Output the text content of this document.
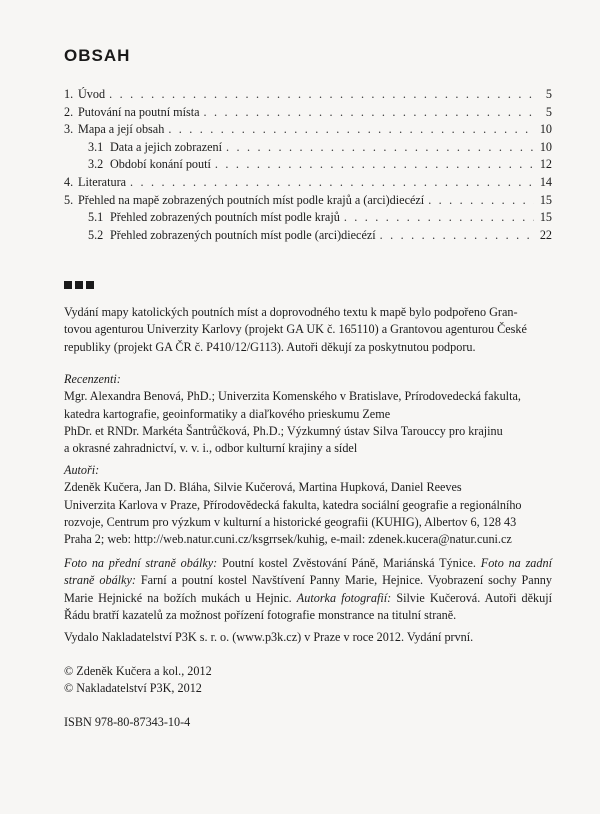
OBSAH
1. Úvod . . .	5
2. Putování na poutní místa . . .	5
3. Mapa a její obsah . . .	10
3.1 Data a jejich zobrazení . . .	10
3.2 Období konání poutí . . .	12
4. Literatura . . .	14
5. Přehled na mapě zobrazených poutních míst podle krajů a (arci)diecézí . . .	15
5.1 Přehled zobrazených poutních míst podle krajů . . .	15
5.2 Přehled zobrazených poutních míst podle (arci)diecézí . . .	22

Vydání mapy katolických poutních míst a doprovodného textu k mapě bylo podpořeno Gran-

tovou agenturou Univerzity Karlovy (projekt GA UK č. 165110) a Grantovou agenturou České

republiky (projekt GA ČR č. P410/12/G113). Autoři děkují za poskytnutou podporu.

Recenzenti:

Mgr. Alexandra Benová, PhD.; Univerzita Komenského v Bratislave, Prírodovedecká fakulta,

katedra kartografie, geoinformatiky a diaľkového prieskumu Zeme

PhDr. et RNDr. Markéta Šantrůčková, Ph.D.; Výzkumný ústav Silva Tarouccy pro krajinu

a okrasné zahradnictví, v. v. i., odbor kulturní krajiny a sídel

Autoři:

Zdeněk Kučera, Jan D. Bláha, Silvie Kučerová, Martina Hupková, Daniel Reeves

Univerzita Karlova v Praze, Přírodovědecká fakulta, katedra sociální geografie a regionálního

rozvoje, Centrum pro výzkum v kulturní a historické geografii (KUHIG), Albertov 6, 128 43

Praha 2; web: http://web.natur.cuni.cz/ksgrrsek/kuhig, e-mail: zdenek.kucera@natur.cuni.cz

Foto na přední straně obálky: Poutní kostel Zvěstování Páně, Mariánská Týnice. Foto na zadní straně obálky: Farní a poutní kostel Navštívení Panny Marie, Hejnice. Vyobrazení sochy Panny Marie Hejnické na božích mukách u Hejnic. Autorka fotografií: Silvie Kučerová. Autoři děkují Řádu bratří kazatelů za možnost pořízení fotografie monstrance na titulní straně.

Vydalo Nakladatelství P3K s. r. o. (www.p3k.cz) v Praze v roce 2012. Vydání první.

© Zdeněk Kučera a kol., 2012

© Nakladatelství P3K, 2012

ISBN 978-80-87343-10-4
